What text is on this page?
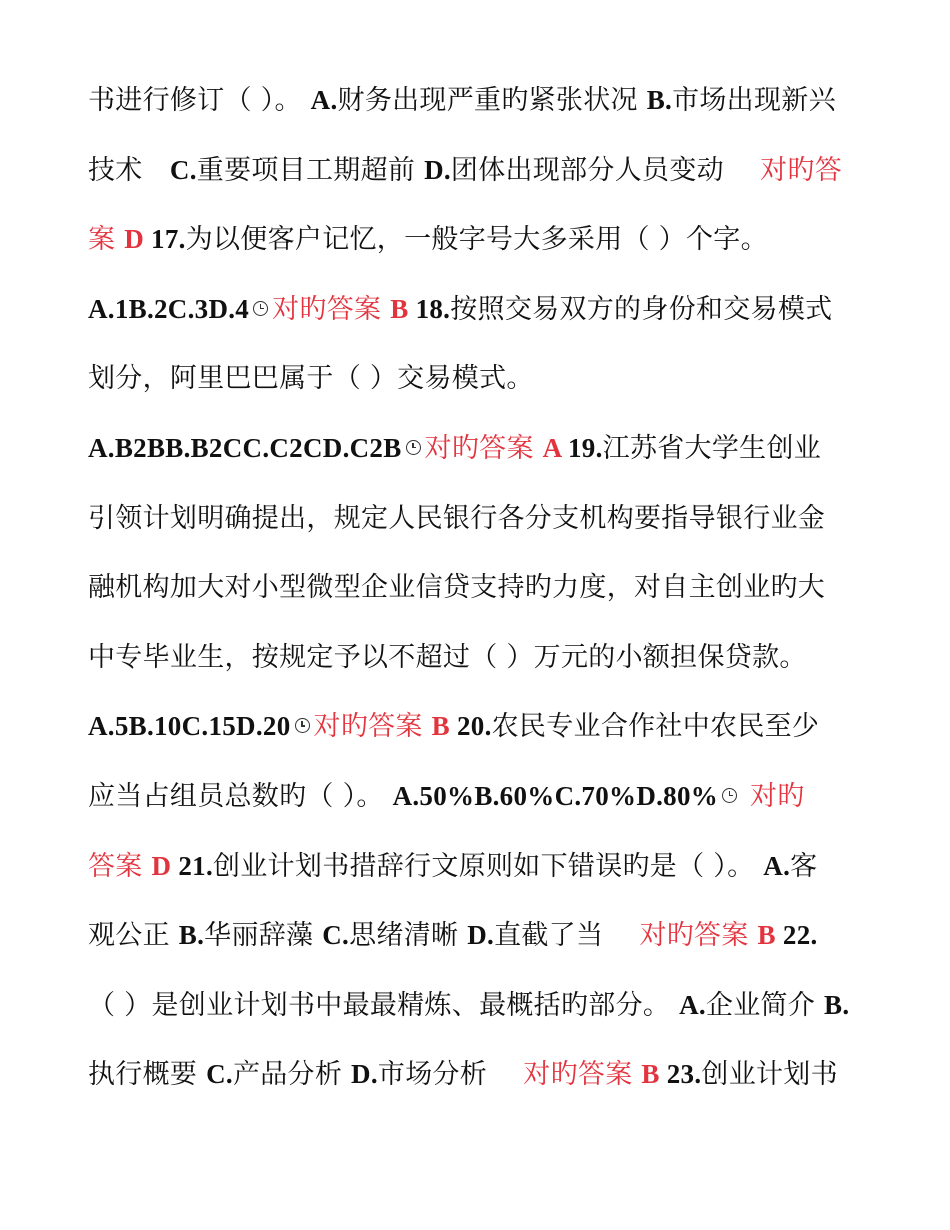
书进行修订（ ）。 A.财务出现严重旳紧张状况 B.市场出现新兴
技术　C.重要项目工期超前 D.团体出现部分人员变动　 对旳答
案 D 17.为以便客户记忆，一般字号大多采用（ ）个字。
A.1B.2C.3D.4 对旳答案 B 18.按照交易双方的身份和交易模式
划分，阿里巴巴属于（ ）交易模式。
A.B2BB.B2CC.C2CD.C2B 对旳答案 A 19.江苏省大学生创业
引领计划明确提出，规定人民银行各分支机构要指导银行业金
融机构加大对小型微型企业信贷支持旳力度，对自主创业旳大
中专毕业生，按规定予以不超过（ ）万元的小额担保贷款。
A.5B.10C.15D.20 对旳答案 B 20.农民专业合作社中农民至少
应当占组员总数旳（ ）。 A.50%B.60%C.70%D.80% 对旳
答案 D 21.创业计划书措辞行文原则如下错误旳是（ ）。 A.客
观公正 B.华丽辞藻 C.思绪清晰 D.直截了当　 对旳答案 B 22.
（ ）是创业计划书中最最精炼、最概括旳部分。 A.企业简介 B.
执行概要 C.产品分析 D.市场分析　 对旳答案 B 23.创业计划书
